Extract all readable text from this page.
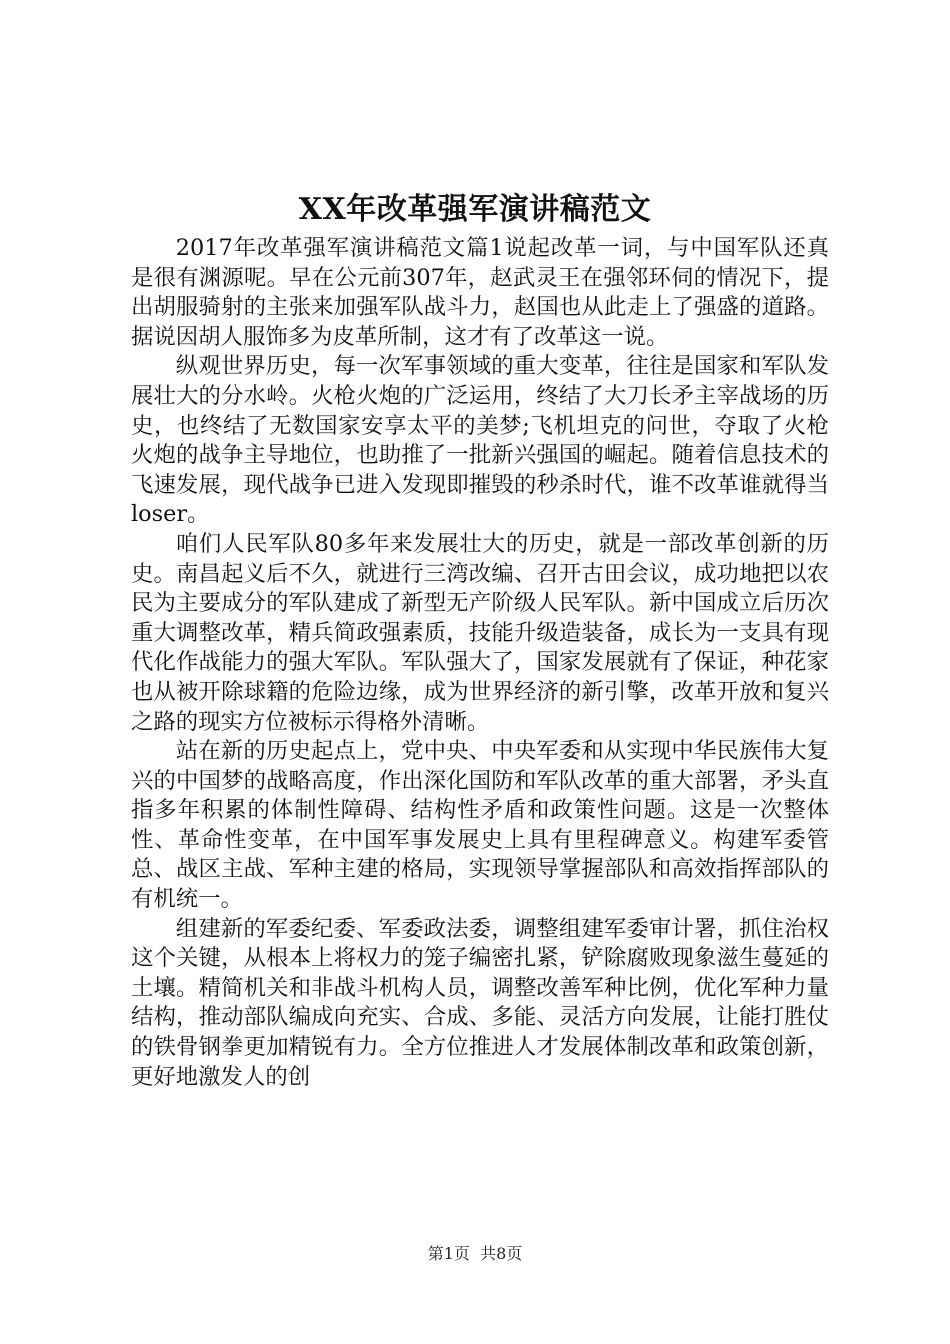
XX年改革强军演讲稿范文

2017年改革强军演讲稿范文篇1说起改革一词，与中国军队还真是很有渊源呢。早在公元前307年，赵武灵王在强邻环伺的情况下，提出胡服骑射的主张来加强军队战斗力，赵国也从此走上了强盛的道路。据说因胡人服饰多为皮革所制，这才有了改革这一说。

纵观世界历史，每一次军事领域的重大变革，往往是国家和军队发展壮大的分水岭。火枪火炮的广泛运用，终结了大刀长矛主宰战场的历史，也终结了无数国家安享太平的美梦;飞机坦克的问世，夺取了火枪火炮的战争主导地位，也助推了一批新兴强国的崛起。随着信息技术的飞速发展，现代战争已进入发现即摧毁的秒杀时代，谁不改革谁就得当loser。

咱们人民军队80多年来发展壮大的历史，就是一部改革创新的历史。南昌起义后不久，就进行三湾改编、召开古田会议，成功地把以农民为主要成分的军队建成了新型无产阶级人民军队。新中国成立后历次重大调整改革，精兵简政强素质，技能升级造装备，成长为一支具有现代化作战能力的强大军队。军队强大了，国家发展就有了保证，种花家也从被开除球籍的危险边缘，成为世界经济的新引擎，改革开放和复兴之路的现实方位被标示得格外清晰。

站在新的历史起点上，党中央、中央军委和从实现中华民族伟大复兴的中国梦的战略高度，作出深化国防和军队改革的重大部署，矛头直指多年积累的体制性障碍、结构性矛盾和政策性问题。这是一次整体性、革命性变革，在中国军事发展史上具有里程碑意义。构建军委管总、战区主战、军种主建的格局，实现领导掌握部队和高效指挥部队的有机统一。

组建新的军委纪委、军委政法委，调整组建军委审计署，抓住治权这个关键，从根本上将权力的笼子编密扎紧，铲除腐败现象滋生蔓延的土壤。精简机关和非战斗机构人员，调整改善军种比例，优化军种力量结构，推动部队编成向充实、合成、多能、灵活方向发展，让能打胜仗的铁骨钢拳更加精锐有力。全方位推进人才发展体制改革和政策创新，更好地激发人的创

第1页 共8页
